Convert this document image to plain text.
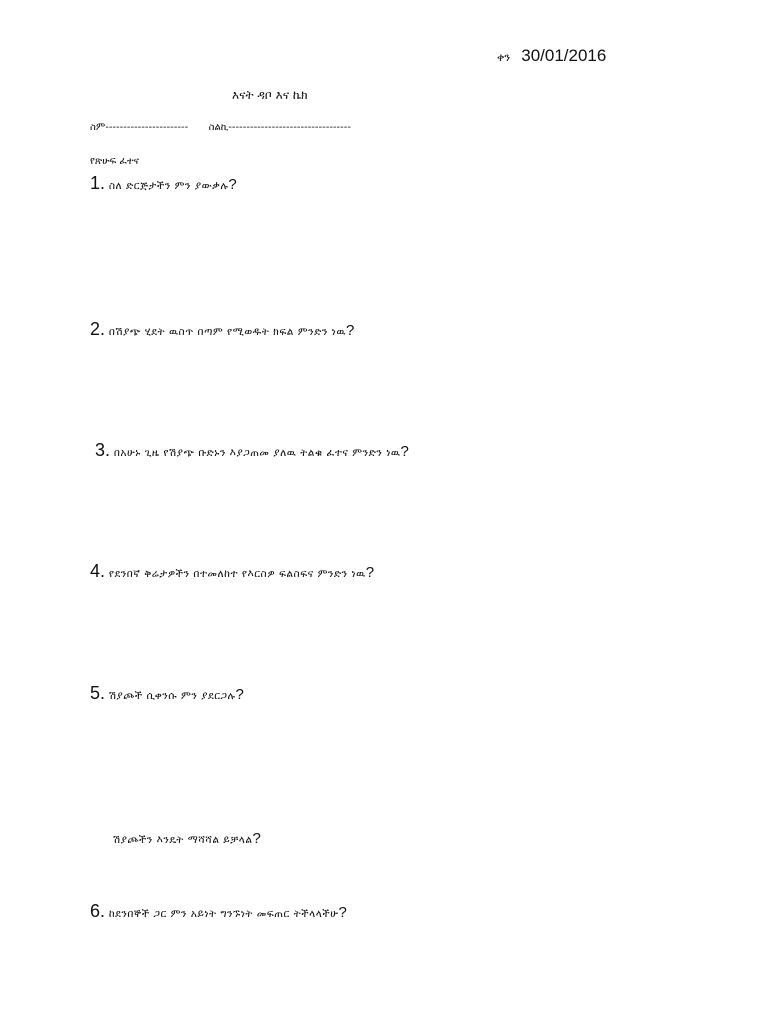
ቀን 30/01/2016
እናት ዳቦ እና ኬክ
ስም----------------------- ስልኪ----------------------------------
የጽሁፍ ፈተና
1. ስለ ድርጅታችን ምን ያውቃሉ?
2. በሽያጭ ሂደት ዉስጥ በጣም የሚወዱት ክፍል ምንድን ነዉ?
3. በአሁኑ ጊዜ የሽያጭ ቡድኑን እያጋጠመ ያለዉ ትልቁ ፈተና ምንድን ነዉ?
4. የደንበኛ ቅሬታዎችን በተመለከተ የእርስዎ ፍልስፍና ምንድን ነዉ?
5. ሽያጮች ሲቀንሱ ምን ያደርጋሉ?
ሽያጮችን እንዴት ማሻሻል ይቻላል?
6. ከደንበኞች ጋር ምን አይነት ግንኙነት መፍጠር ትችላላችሁ?
